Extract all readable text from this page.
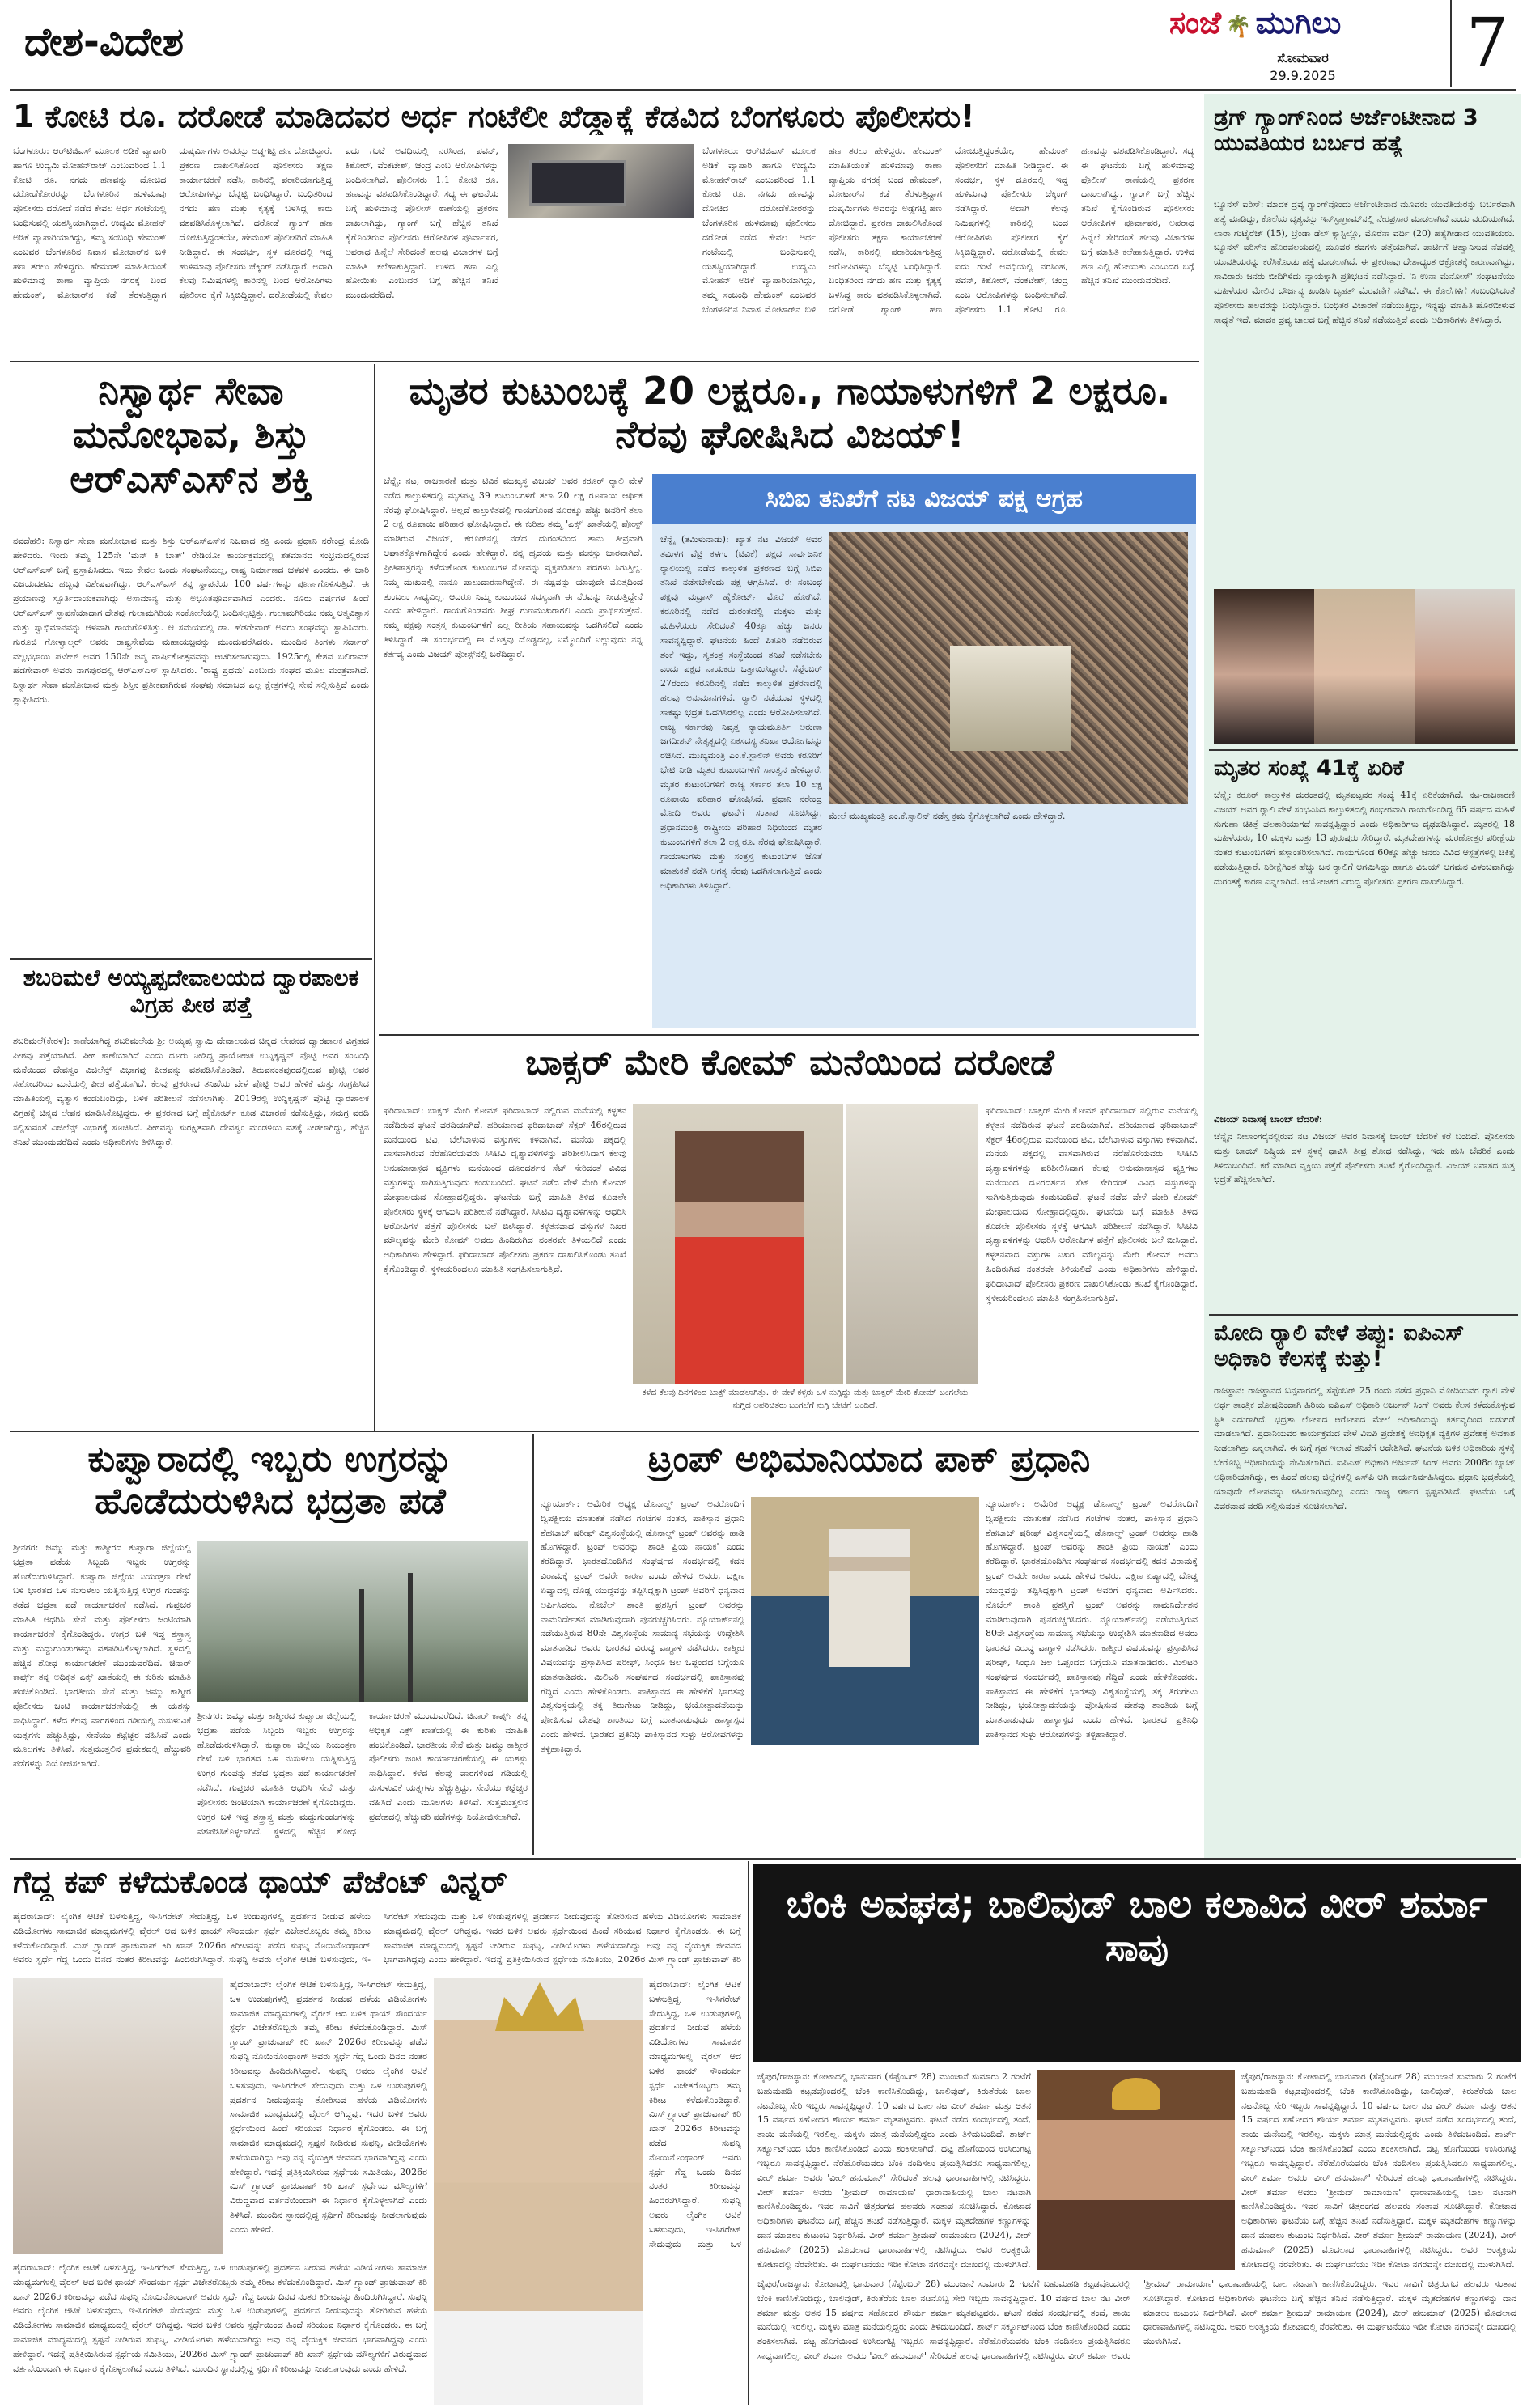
ದೇಶ-ವಿದೇಶ	ಸಂಜೆ 🌴 ಮುಗಿಲು
ಸೋಮವಾರ
29.9.2025	7
1 ಕೋಟಿ ರೂ. ದರೋಡೆ ಮಾಡಿದವರ ಅರ್ಧ ಗಂಟೆಲೀ ಖೆಡ್ಡಾಕ್ಕೆ ಕೆಡವಿದ ಬೆಂಗಳೂರು ಪೊಲೀಸರು!
ಬೆಂಗಳೂರು: ಆರ್‌ಟಿಜಿಎಸ್ ಮೂಲಕ ಅಡಿಕೆ ವ್ಯಾಪಾರಿ ಹಾಗೂ ಉದ್ಯಮಿ ಮೋಹನ್‌ರಾಜ್ ಎಂಬುವರಿಂದ 1.1 ಕೋಟಿ ರೂ. ನಗದು ಹಣವನ್ನು ದೋಚಿದ ದರೋಡೆಕೋರರನ್ನು ಬೆಂಗಳೂರಿನ ಹುಳಿಮಾವು ಪೊಲೀಸರು ದರೋಡೆ ನಡೆದ ಕೇವಲ ಅರ್ಧ ಗಂಟೆಯಲ್ಲಿ ಬಂಧಿಸುವಲ್ಲಿ ಯಶಸ್ವಿಯಾಗಿದ್ದಾರೆ. ಉದ್ಯಮಿ ಮೋಹನ್ ಅಡಿಕೆ ವ್ಯಾಪಾರಿಯಾಗಿದ್ದು, ತಮ್ಮ ಸಂಬಂಧಿ ಹೇಮಂತ್ ಎಂಬವರ ಬೆಂಗಳೂರಿನ ನಿವಾಸ ಮೋಟಾರ್‌ನ ಬಳಿ ಹಣ ತರಲು ಹೇಳಿದ್ದರು. ಹೇಮಂತ್ ಮಾಹಿತಿಯಂತೆ ಹುಳಿಮಾವು ಠಾಣಾ ವ್ಯಾಪ್ತಿಯ ನಗರಕ್ಕೆ ಬಂದ ಹೇಮಂತ್, ಮೋಟಾರ್‌ನ ಕಡೆ ತೆರಳುತ್ತಿದ್ದಾಗ ದುಷ್ಕರ್ಮಿಗಳು ಅವರನ್ನು ಅಡ್ಡಗಟ್ಟಿ ಹಣ ದೋಚಿದ್ದಾರೆ. ಪ್ರಕರಣ ದಾಖಲಿಸಿಕೊಂಡ ಪೊಲೀಸರು ತಕ್ಷಣ ಕಾರ್ಯಾಚರಣೆ ನಡೆಸಿ, ಕಾರಿನಲ್ಲಿ ಪರಾರಿಯಾಗುತ್ತಿದ್ದ ಆರೋಪಿಗಳನ್ನು ಬೆನ್ನಟ್ಟಿ ಬಂಧಿಸಿದ್ದಾರೆ. ಬಂಧಿತರಿಂದ ನಗದು ಹಣ ಮತ್ತು ಕೃತ್ಯಕ್ಕೆ ಬಳಸಿದ್ದ ಕಾರು ವಶಪಡಿಸಿಕೊಳ್ಳಲಾಗಿದೆ. ದರೋಡೆ ಗ್ಯಾಂಗ್ ಹಣ ದೋಚುತ್ತಿದ್ದಂತೆಯೇ, ಹೇಮಂತ್ ಪೊಲೀಸರಿಗೆ ಮಾಹಿತಿ ನೀಡಿದ್ದಾರೆ. ಈ ಸಂದರ್ಭ, ಸ್ಥಳ ದೂರದಲ್ಲಿ ಇದ್ದ ಹುಳಿಮಾವು ಪೊಲೀಸರು ಚೆಕ್ಕಿಂಗ್ ನಡೆಸಿದ್ದಾರೆ. ಅದಾಗಿ ಕೆಲವು ನಿಮಿಷಗಳಲ್ಲಿ ಕಾರಿನಲ್ಲಿ ಬಂದ ಆರೋಪಿಗಳು ಪೊಲೀಸರ ಕೈಗೆ ಸಿಕ್ಕಿಬಿದ್ದಿದ್ದಾರೆ. ದರೋಡೆಯಲ್ಲಿ ಕೇವಲ ಐದು ಗಂಟೆ ಅವಧಿಯಲ್ಲಿ ನರಸಿಂಹ, ಪವನ್, ಕಿಶೋರ್, ವೆಂಕಟೇಶ್, ಚಂದ್ರ ಎಂಬ ಆರೋಪಿಗಳನ್ನು ಬಂಧಿಸಲಾಗಿದೆ. ಪೊಲೀಸರು 1.1 ಕೋಟಿ ರೂ. ಹಣವನ್ನು ವಶಪಡಿಸಿಕೊಂಡಿದ್ದಾರೆ. ಸದ್ಯ ಈ ಘಟನೆಯ ಬಗ್ಗೆ ಹುಳಿಮಾವು ಪೊಲೀಸ್ ಠಾಣೆಯಲ್ಲಿ ಪ್ರಕರಣ ದಾಖಲಾಗಿದ್ದು, ಗ್ಯಾಂಗ್ ಬಗ್ಗೆ ಹೆಚ್ಚಿನ ತನಿಖೆ ಕೈಗೊಂಡಿರುವ ಪೊಲೀಸರು ಆರೋಪಿಗಳ ಪೂರ್ವಾಪರ, ಅಪರಾಧ ಹಿನ್ನೆಲೆ ಸೇರಿದಂತೆ ಹಲವು ವಿಚಾರಗಳ ಬಗ್ಗೆ ಮಾಹಿತಿ ಕಲೆಹಾಕುತ್ತಿದ್ದಾರೆ. ಉಳಿದ ಹಣ ಎಲ್ಲಿ ಹೋಯಿತು ಎಂಬುದರ ಬಗ್ಗೆ ಹೆಚ್ಚಿನ ತನಿಖೆ ಮುಂದುವರೆದಿದೆ.
ಬೆಂಗಳೂರು: ಆರ್‌ಟಿಜಿಎಸ್ ಮೂಲಕ ಅಡಿಕೆ ವ್ಯಾಪಾರಿ ಹಾಗೂ ಉದ್ಯಮಿ ಮೋಹನ್‌ರಾಜ್ ಎಂಬುವರಿಂದ 1.1 ಕೋಟಿ ರೂ. ನಗದು ಹಣವನ್ನು ದೋಚಿದ ದರೋಡೆಕೋರರನ್ನು ಬೆಂಗಳೂರಿನ ಹುಳಿಮಾವು ಪೊಲೀಸರು ದರೋಡೆ ನಡೆದ ಕೇವಲ ಅರ್ಧ ಗಂಟೆಯಲ್ಲಿ ಬಂಧಿಸುವಲ್ಲಿ ಯಶಸ್ವಿಯಾಗಿದ್ದಾರೆ. ಉದ್ಯಮಿ ಮೋಹನ್ ಅಡಿಕೆ ವ್ಯಾಪಾರಿಯಾಗಿದ್ದು, ತಮ್ಮ ಸಂಬಂಧಿ ಹೇಮಂತ್ ಎಂಬವರ ಬೆಂಗಳೂರಿನ ನಿವಾಸ ಮೋಟಾರ್‌ನ ಬಳಿ ಹಣ ತರಲು ಹೇಳಿದ್ದರು. ಹೇಮಂತ್ ಮಾಹಿತಿಯಂತೆ ಹುಳಿಮಾವು ಠಾಣಾ ವ್ಯಾಪ್ತಿಯ ನಗರಕ್ಕೆ ಬಂದ ಹೇಮಂತ್, ಮೋಟಾರ್‌ನ ಕಡೆ ತೆರಳುತ್ತಿದ್ದಾಗ ದುಷ್ಕರ್ಮಿಗಳು ಅವರನ್ನು ಅಡ್ಡಗಟ್ಟಿ ಹಣ ದೋಚಿದ್ದಾರೆ. ಪ್ರಕರಣ ದಾಖಲಿಸಿಕೊಂಡ ಪೊಲೀಸರು ತಕ್ಷಣ ಕಾರ್ಯಾಚರಣೆ ನಡೆಸಿ, ಕಾರಿನಲ್ಲಿ ಪರಾರಿಯಾಗುತ್ತಿದ್ದ ಆರೋಪಿಗಳನ್ನು ಬೆನ್ನಟ್ಟಿ ಬಂಧಿಸಿದ್ದಾರೆ. ಬಂಧಿತರಿಂದ ನಗದು ಹಣ ಮತ್ತು ಕೃತ್ಯಕ್ಕೆ ಬಳಸಿದ್ದ ಕಾರು ವಶಪಡಿಸಿಕೊಳ್ಳಲಾಗಿದೆ. ದರೋಡೆ ಗ್ಯಾಂಗ್ ಹಣ ದೋಚುತ್ತಿದ್ದಂತೆಯೇ, ಹೇಮಂತ್ ಪೊಲೀಸರಿಗೆ ಮಾಹಿತಿ ನೀಡಿದ್ದಾರೆ. ಈ ಸಂದರ್ಭ, ಸ್ಥಳ ದೂರದಲ್ಲಿ ಇದ್ದ ಹುಳಿಮಾವು ಪೊಲೀಸರು ಚೆಕ್ಕಿಂಗ್ ನಡೆಸಿದ್ದಾರೆ. ಅದಾಗಿ ಕೆಲವು ನಿಮಿಷಗಳಲ್ಲಿ ಕಾರಿನಲ್ಲಿ ಬಂದ ಆರೋಪಿಗಳು ಪೊಲೀಸರ ಕೈಗೆ ಸಿಕ್ಕಿಬಿದ್ದಿದ್ದಾರೆ. ದರೋಡೆಯಲ್ಲಿ ಕೇವಲ ಐದು ಗಂಟೆ ಅವಧಿಯಲ್ಲಿ ನರಸಿಂಹ, ಪವನ್, ಕಿಶೋರ್, ವೆಂಕಟೇಶ್, ಚಂದ್ರ ಎಂಬ ಆರೋಪಿಗಳನ್ನು ಬಂಧಿಸಲಾಗಿದೆ. ಪೊಲೀಸರು 1.1 ಕೋಟಿ ರೂ. ಹಣವನ್ನು ವಶಪಡಿಸಿಕೊಂಡಿದ್ದಾರೆ. ಸದ್ಯ ಈ ಘಟನೆಯ ಬಗ್ಗೆ ಹುಳಿಮಾವು ಪೊಲೀಸ್ ಠಾಣೆಯಲ್ಲಿ ಪ್ರಕರಣ ದಾಖಲಾಗಿದ್ದು, ಗ್ಯಾಂಗ್ ಬಗ್ಗೆ ಹೆಚ್ಚಿನ ತನಿಖೆ ಕೈಗೊಂಡಿರುವ ಪೊಲೀಸರು ಆರೋಪಿಗಳ ಪೂರ್ವಾಪರ, ಅಪರಾಧ ಹಿನ್ನೆಲೆ ಸೇರಿದಂತೆ ಹಲವು ವಿಚಾರಗಳ ಬಗ್ಗೆ ಮಾಹಿತಿ ಕಲೆಹಾಕುತ್ತಿದ್ದಾರೆ. ಉಳಿದ ಹಣ ಎಲ್ಲಿ ಹೋಯಿತು ಎಂಬುದರ ಬಗ್ಗೆ ಹೆಚ್ಚಿನ ತನಿಖೆ ಮುಂದುವರೆದಿದೆ.
ಡ್ರಗ್ ಗ್ಯಾಂಗ್‌ನಿಂದ ಅರ್ಜೆಂಟೀನಾದ 3 ಯುವತಿಯರ ಬರ್ಬರ ಹತ್ಯೆ
ಬ್ಯೂನಸ್ ಐರಿಸ್: ಮಾದಕ ದ್ರವ್ಯ ಗ್ಯಾಂಗ್‌ವೊಂದು ಅರ್ಜೆಂಟೀನಾದ ಮೂವರು ಯುವತಿಯರನ್ನು ಬರ್ಬರವಾಗಿ ಹತ್ಯೆ ಮಾಡಿದ್ದು, ಕೊಲೆಯ ದೃಶ್ಯವನ್ನು ಇನ್‌ಸ್ಟಾಗ್ರಾಮ್‌ನಲ್ಲಿ ನೇರಪ್ರಸಾರ ಮಾಡಲಾಗಿದೆ ಎಂದು ವರದಿಯಾಗಿದೆ. ಲಾರಾ ಗುಟೈರೆಜ್ (15), ಬ್ರೆಂಡಾ ಡೆಲ್ ಕ್ಯಾಸ್ಟಿಲ್ಲೊ, ಮೊರೆನಾ ವರ್ದಿ (20) ಹತ್ಯೆಗೀಡಾದ ಯುವತಿಯರು. ಬ್ಯೂನಸ್ ಐರಿಸ್‌ನ ಹೊರವಲಯದಲ್ಲಿ ಮೂವರ ಶವಗಳು ಪತ್ತೆಯಾಗಿವೆ. ಪಾರ್ಟಿಗೆ ಆಹ್ವಾನಿಸುವ ನೆಪದಲ್ಲಿ ಯುವತಿಯರನ್ನು ಕರೆಸಿಕೊಂಡು ಹತ್ಯೆ ಮಾಡಲಾಗಿದೆ. ಈ ಪ್ರಕರಣವು ದೇಶಾದ್ಯಂತ ಆಕ್ರೋಶಕ್ಕೆ ಕಾರಣವಾಗಿದ್ದು, ಸಾವಿರಾರು ಜನರು ಬೀದಿಗಿಳಿದು ನ್ಯಾಯಕ್ಕಾಗಿ ಪ್ರತಿಭಟನೆ ನಡೆಸಿದ್ದಾರೆ. 'ನಿ ಉನಾ ಮೆನೋಸ್' ಸಂಘಟನೆಯು ಮಹಿಳೆಯರ ಮೇಲಿನ ದೌರ್ಜನ್ಯ ಖಂಡಿಸಿ ಬೃಹತ್ ಮೆರವಣಿಗೆ ನಡೆಸಿದೆ. ಈ ಕೊಲೆಗಳಿಗೆ ಸಂಬಂಧಿಸಿದಂತೆ ಪೊಲೀಸರು ಹಲವರನ್ನು ಬಂಧಿಸಿದ್ದಾರೆ. ಬಂಧಿತರ ವಿಚಾರಣೆ ನಡೆಯುತ್ತಿದ್ದು, ಇನ್ನಷ್ಟು ಮಾಹಿತಿ ಹೊರಬೀಳುವ ಸಾಧ್ಯತೆ ಇದೆ. ಮಾದಕ ದ್ರವ್ಯ ಜಾಲದ ಬಗ್ಗೆ ಹೆಚ್ಚಿನ ತನಿಖೆ ನಡೆಯುತ್ತಿದೆ ಎಂದು ಅಧಿಕಾರಿಗಳು ತಿಳಿಸಿದ್ದಾರೆ.
ಮೃತರ ಸಂಖ್ಯೆ 41ಕ್ಕೆ ಏರಿಕೆ
ಚೆನ್ನೈ: ಕರೂರ್ ಕಾಲ್ತುಳಿತ ದುರಂತದಲ್ಲಿ ಮೃತಪಟ್ಟವರ ಸಂಖ್ಯೆ 41ಕ್ಕೆ ಏರಿಕೆಯಾಗಿದೆ. ನಟ-ರಾಜಕಾರಣಿ ವಿಜಯ್ ಅವರ ರ‍್ಯಾಲಿ ವೇಳೆ ಸಂಭವಿಸಿದ ಕಾಲ್ತುಳಿತದಲ್ಲಿ ಗಂಭೀರವಾಗಿ ಗಾಯಗೊಂಡಿದ್ದ 65 ವರ್ಷದ ಮಹಿಳೆ ಸುಗುಣಾ ಚಿಕಿತ್ಸೆ ಫಲಕಾರಿಯಾಗದೆ ಸಾವನ್ನಪ್ಪಿದ್ದಾರೆ ಎಂದು ಅಧಿಕಾರಿಗಳು ದೃಢಪಡಿಸಿದ್ದಾರೆ. ಮೃತರಲ್ಲಿ 18 ಮಹಿಳೆಯರು, 10 ಮಕ್ಕಳು ಮತ್ತು 13 ಪುರುಷರು ಸೇರಿದ್ದಾರೆ. ಮೃತದೇಹಗಳನ್ನು ಮರಣೋತ್ತರ ಪರೀಕ್ಷೆಯ ನಂತರ ಕುಟುಂಬಗಳಿಗೆ ಹಸ್ತಾಂತರಿಸಲಾಗಿದೆ. ಗಾಯಗೊಂಡ 60ಕ್ಕೂ ಹೆಚ್ಚು ಜನರು ವಿವಿಧ ಆಸ್ಪತ್ರೆಗಳಲ್ಲಿ ಚಿಕಿತ್ಸೆ ಪಡೆಯುತ್ತಿದ್ದಾರೆ. ನಿರೀಕ್ಷೆಗಿಂತ ಹೆಚ್ಚು ಜನ ರ‍್ಯಾಲಿಗೆ ಆಗಮಿಸಿದ್ದು ಹಾಗೂ ವಿಜಯ್ ಆಗಮನ ವಿಳಂಬವಾಗಿದ್ದು ದುರಂತಕ್ಕೆ ಕಾರಣ ಎನ್ನಲಾಗಿದೆ. ಆಯೋಜಕರ ವಿರುದ್ಧ ಪೊಲೀಸರು ಪ್ರಕರಣ ದಾಖಲಿಸಿದ್ದಾರೆ.
ವಿಜಯ್ ನಿವಾಸಕ್ಕೆ ಬಾಂಬ್ ಬೆದರಿಕೆ:
ಚೆನ್ನೈನ ನೀಲಾಂಗರೈನಲ್ಲಿರುವ ನಟ ವಿಜಯ್ ಅವರ ನಿವಾಸಕ್ಕೆ ಬಾಂಬ್ ಬೆದರಿಕೆ ಕರೆ ಬಂದಿದೆ. ಪೊಲೀಸರು ಮತ್ತು ಬಾಂಬ್ ನಿಷ್ಕ್ರಿಯ ದಳ ಸ್ಥಳಕ್ಕೆ ಧಾವಿಸಿ ತೀವ್ರ ಶೋಧ ನಡೆಸಿದ್ದು, ಇದು ಹುಸಿ ಬೆದರಿಕೆ ಎಂದು ತಿಳಿದುಬಂದಿದೆ. ಕರೆ ಮಾಡಿದ ವ್ಯಕ್ತಿಯ ಪತ್ತೆಗೆ ಪೊಲೀಸರು ತನಿಖೆ ಕೈಗೊಂಡಿದ್ದಾರೆ. ವಿಜಯ್ ನಿವಾಸದ ಸುತ್ತ ಭದ್ರತೆ ಹೆಚ್ಚಿಸಲಾಗಿದೆ.
ಮೋದಿ ರ‍್ಯಾಲಿ ವೇಳೆ ತಪ್ಪು: ಐಪಿಎಸ್ ಅಧಿಕಾರಿ ಕೆಲಸಕ್ಕೆ ಕುತ್ತು!
ರಾಜಸ್ಥಾನ: ರಾಜಸ್ಥಾನದ ಬನ್ಸವಾರದಲ್ಲಿ ಸೆಪ್ಟೆಂಬರ್ 25 ರಂದು ನಡೆದ ಪ್ರಧಾನಿ ಮೋದಿಯವರ ರ‍್ಯಾಲಿ ವೇಳೆ ಅರ್ಧ ತಾಂತ್ರಿಕ ದೋಷದಿಂದಾಗಿ ಹಿರಿಯ ಐಪಿಎಸ್ ಅಧಿಕಾರಿ ಅರ್ಜುನ್ ಸಿಂಗ್ ಅವರು ಕೆಲಸ ಕಳೆದುಕೊಳ್ಳುವ ಸ್ಥಿತಿ ಎದುರಾಗಿದೆ. ಭದ್ರತಾ ಲೋಪದ ಆರೋಪದ ಮೇಲೆ ಅಧಿಕಾರಿಯನ್ನು ಕರ್ತವ್ಯದಿಂದ ಬಿಡುಗಡೆ ಮಾಡಲಾಗಿದೆ. ಪ್ರಧಾನಿಯವರ ಕಾರ್ಯಕ್ರಮದ ವೇಳೆ ವಿಐಪಿ ಪ್ರದೇಶಕ್ಕೆ ಅನಧಿಕೃತ ವ್ಯಕ್ತಿಗಳ ಪ್ರವೇಶಕ್ಕೆ ಅವಕಾಶ ನೀಡಲಾಗಿತ್ತು ಎನ್ನಲಾಗಿದೆ. ಈ ಬಗ್ಗೆ ಗೃಹ ಇಲಾಖೆ ತನಿಖೆಗೆ ಆದೇಶಿಸಿದೆ. ಘಟನೆಯ ಬಳಿಕ ಅಧಿಕಾರಿಯ ಸ್ಥಳಕ್ಕೆ ಬೇರೊಬ್ಬ ಅಧಿಕಾರಿಯನ್ನು ನೇಮಿಸಲಾಗಿದೆ. ಐಪಿಎಸ್ ಅಧಿಕಾರಿ ಅರ್ಜುನ್ ಸಿಂಗ್ ಅವರು 2008ರ ಬ್ಯಾಚ್ ಅಧಿಕಾರಿಯಾಗಿದ್ದು, ಈ ಹಿಂದೆ ಹಲವು ಜಿಲ್ಲೆಗಳಲ್ಲಿ ಎಸ್‌ಪಿ ಆಗಿ ಕಾರ್ಯನಿರ್ವಹಿಸಿದ್ದರು. ಪ್ರಧಾನಿ ಭದ್ರತೆಯಲ್ಲಿ ಯಾವುದೇ ಲೋಪವನ್ನು ಸಹಿಸಲಾಗುವುದಿಲ್ಲ ಎಂದು ರಾಜ್ಯ ಸರ್ಕಾರ ಸ್ಪಷ್ಟಪಡಿಸಿದೆ. ಘಟನೆಯ ಬಗ್ಗೆ ವಿವರವಾದ ವರದಿ ಸಲ್ಲಿಸುವಂತೆ ಸೂಚಿಸಲಾಗಿದೆ.
ನಿಸ್ವಾರ್ಥ ಸೇವಾ ಮನೋಭಾವ, ಶಿಸ್ತು ಆರ್‌ಎಸ್‌ಎಸ್‌ನ ಶಕ್ತಿ
ನವದೆಹಲಿ: ನಿಸ್ವಾರ್ಥ ಸೇವಾ ಮನೋಭಾವ ಮತ್ತು ಶಿಸ್ತು ಆರ್‌ಎಸ್‌ಎಸ್‌ನ ನಿಜವಾದ ಶಕ್ತಿ ಎಂದು ಪ್ರಧಾನಿ ನರೇಂದ್ರ ಮೋದಿ ಹೇಳಿದರು. ಇಂದು ತಮ್ಮ 125ನೇ 'ಮನ್ ಕಿ ಬಾತ್' ರೇಡಿಯೋ ಕಾರ್ಯಕ್ರಮದಲ್ಲಿ ಶತಮಾನದ ಸಂಭ್ರಮದಲ್ಲಿರುವ ಆರ್‌ಎಸ್‌ಎಸ್ ಬಗ್ಗೆ ಪ್ರಸ್ತಾಪಿಸಿದರು. ಇದು ಕೇವಲ ಒಂದು ಸಂಘಟನೆಯಲ್ಲ, ರಾಷ್ಟ್ರ ನಿರ್ಮಾಣದ ಚಳವಳಿ ಎಂದರು. ಈ ಬಾರಿ ವಿಜಯದಶಮಿ ಹಬ್ಬವು ವಿಶೇಷವಾಗಿದ್ದು, ಆರ್‌ಎಸ್‌ಎಸ್ ತನ್ನ ಸ್ಥಾಪನೆಯ 100 ವರ್ಷಗಳನ್ನು ಪೂರ್ಣಗೊಳಿಸುತ್ತಿದೆ. ಈ ಪ್ರಯಾಣವು ಸ್ಪೂರ್ತಿದಾಯಕವಾಗಿದ್ದು ಅಸಾಮಾನ್ಯ ಮತ್ತು ಅಭೂತಪೂರ್ವವಾಗಿದೆ ಎಂದರು. ನೂರು ವರ್ಷಗಳ ಹಿಂದೆ ಆರ್‌ಎಸ್‌ಎಸ್ ಸ್ಥಾಪನೆಯಾದಾಗ ದೇಶವು ಗುಲಾಮಗಿರಿಯ ಸಂಕೋಲೆಯಲ್ಲಿ ಬಂಧಿಸಲ್ಪಟ್ಟಿತ್ತು. ಗುಲಾಮಗಿರಿಯು ನಮ್ಮ ಆತ್ಮವಿಶ್ವಾಸ ಮತ್ತು ಸ್ವಾಭಿಮಾನವನ್ನು ಆಳವಾಗಿ ಗಾಯಗೊಳಿಸಿತ್ತು. ಆ ಸಮಯದಲ್ಲಿ ಡಾ. ಹೆಡಗೇವಾರ್ ಅವರು ಸಂಘವನ್ನು ಸ್ಥಾಪಿಸಿದರು. ಗುರೂಜಿ ಗೋಳ್ವಾಲ್ಕರ್ ಅವರು ರಾಷ್ಟ್ರಸೇವೆಯ ಮಹಾಯಜ್ಞವನ್ನು ಮುಂದುವರೆಸಿದರು. ಮುಂದಿನ ತಿಂಗಳು ಸರ್ದಾರ್ ವಲ್ಲಭಭಾಯಿ ಪಟೇಲ್ ಅವರ 150ನೇ ಜನ್ಮ ವಾರ್ಷಿಕೋತ್ಸವವನ್ನು ಆಚರಿಸಲಾಗುವುದು. 1925ರಲ್ಲಿ ಕೇಶವ ಬಲಿರಾಮ್ ಹೆಡಗೇವಾರ್ ಅವರು ನಾಗಪುರದಲ್ಲಿ ಆರ್‌ಎಸ್‌ಎಸ್ ಸ್ಥಾಪಿಸಿದರು. 'ರಾಷ್ಟ್ರ ಪ್ರಥಮ' ಎಂಬುದು ಸಂಘದ ಮೂಲ ಮಂತ್ರವಾಗಿದೆ. ನಿಸ್ವಾರ್ಥ ಸೇವಾ ಮನೋಭಾವ ಮತ್ತು ಶಿಸ್ತಿನ ಪ್ರತೀಕವಾಗಿರುವ ಸಂಘವು ಸಮಾಜದ ಎಲ್ಲ ಕ್ಷೇತ್ರಗಳಲ್ಲಿ ಸೇವೆ ಸಲ್ಲಿಸುತ್ತಿದೆ ಎಂದು ಶ್ಲಾಘಿಸಿದರು.
ಶಬರಿಮಲೆ ಅಯ್ಯಪ್ಪದೇವಾಲಯದ ದ್ವಾರಪಾಲಕ ವಿಗ್ರಹ ಪೀಠ ಪತ್ತೆ
ಶಬರಿಮಲೆ(ಕೇರಳ): ಕಾಣೆಯಾಗಿದ್ದ ಶಬರಿಮಲೆಯ ಶ್ರೀ ಅಯ್ಯಪ್ಪ ಸ್ವಾಮಿ ದೇವಾಲಯದ ಚಿನ್ನದ ಲೇಪನದ ದ್ವಾರಪಾಲಕ ವಿಗ್ರಹದ ಪೀಠವು ಪತ್ತೆಯಾಗಿದೆ. ಪೀಠ ಕಾಣೆಯಾಗಿದೆ ಎಂದು ದೂರು ನೀಡಿದ್ದ ಪ್ರಾಯೋಜಕ ಉನ್ನಿಕೃಷ್ಣನ್ ಪೊಟ್ಟಿ ಅವರ ಸಂಬಂಧಿ ಮನೆಯಿಂದ ದೇವಸ್ವಂ ವಿಜಿಲೆನ್ಸ್ ವಿಭಾಗವು ಪೀಠವನ್ನು ವಶಪಡಿಸಿಕೊಂಡಿದೆ. ತಿರುವನಂತಪುರದಲ್ಲಿರುವ ಪೊಟ್ಟಿ ಅವರ ಸಹೋದರಿಯ ಮನೆಯಲ್ಲಿ ಪೀಠ ಪತ್ತೆಯಾಗಿದೆ. ಕೆಲವು ಪ್ರಕರಣದ ತನಿಖೆಯ ವೇಳೆ ಪೊಟ್ಟಿ ಅವರ ಹೇಳಿಕೆ ಮತ್ತು ಸಂಗ್ರಹಿಸಿದ ಮಾಹಿತಿಯಲ್ಲಿ ವ್ಯತ್ಯಾಸ ಕಂಡುಬಂದಿದ್ದು, ಬಳಿಕ ಪರಿಶೀಲನೆ ನಡೆಸಲಾಗಿತ್ತು. 2019ರಲ್ಲಿ ಉನ್ನಿಕೃಷ್ಣನ್ ಪೊಟ್ಟಿ ದ್ವಾರಪಾಲಕ ವಿಗ್ರಹಕ್ಕೆ ಚಿನ್ನದ ಲೇಪನ ಮಾಡಿಸಿಕೊಟ್ಟಿದ್ದರು. ಈ ಪ್ರಕರಣದ ಬಗ್ಗೆ ಹೈಕೋರ್ಟ್ ಕೂಡ ವಿಚಾರಣೆ ನಡೆಸುತ್ತಿದ್ದು, ಸಮಗ್ರ ವರದಿ ಸಲ್ಲಿಸುವಂತೆ ವಿಜಿಲೆನ್ಸ್ ವಿಭಾಗಕ್ಕೆ ಸೂಚಿಸಿದೆ. ಪೀಠವನ್ನು ಸುರಕ್ಷಿತವಾಗಿ ದೇವಸ್ವಂ ಮಂಡಳಿಯ ವಶಕ್ಕೆ ನೀಡಲಾಗಿದ್ದು, ಹೆಚ್ಚಿನ ತನಿಖೆ ಮುಂದುವರೆದಿದೆ ಎಂದು ಅಧಿಕಾರಿಗಳು ತಿಳಿಸಿದ್ದಾರೆ.
ಮೃತರ ಕುಟುಂಬಕ್ಕೆ 20 ಲಕ್ಷರೂ., ಗಾಯಾಳುಗಳಿಗೆ 2 ಲಕ್ಷರೂ. ನೆರವು ಘೋಷಿಸಿದ ವಿಜಯ್!
ಚೆನ್ನೈ: ನಟ, ರಾಜಕಾರಣಿ ಮತ್ತು ಟಿವಿಕೆ ಮುಖ್ಯಸ್ಥ ವಿಜಯ್ ಅವರ ಕರೂರ್ ರ‍್ಯಾಲಿ ವೇಳೆ ನಡೆದ ಕಾಲ್ತುಳಿತದಲ್ಲಿ ಮೃತಪಟ್ಟ 39 ಕುಟುಂಬಗಳಿಗೆ ತಲಾ 20 ಲಕ್ಷ ರೂಪಾಯಿ ಆರ್ಥಿಕ ನೆರವು ಘೋಷಿಸಿದ್ದಾರೆ. ಅಲ್ಲದೆ ಕಾಲ್ತುಳಿತದಲ್ಲಿ ಗಾಯಗೊಂಡ ನೂರಕ್ಕೂ ಹೆಚ್ಚು ಜನರಿಗೆ ತಲಾ 2 ಲಕ್ಷ ರೂಪಾಯಿ ಪರಿಹಾರ ಘೋಷಿಸಿದ್ದಾರೆ. ಈ ಕುರಿತು ತಮ್ಮ 'ಎಕ್ಸ್' ಖಾತೆಯಲ್ಲಿ ಪೋಸ್ಟ್ ಮಾಡಿರುವ ವಿಜಯ್, ಕರೂರ್‌ನಲ್ಲಿ ನಡೆದ ದುರಂತದಿಂದ ತಾನು ತೀವ್ರವಾಗಿ ಆಘಾತಕ್ಕೊಳಗಾಗಿದ್ದೇನೆ ಎಂದು ಹೇಳಿದ್ದಾರೆ. ನನ್ನ ಹೃದಯ ಮತ್ತು ಮನಸ್ಸು ಭಾರವಾಗಿದೆ. ಪ್ರೀತಿಪಾತ್ರರನ್ನು ಕಳೆದುಕೊಂಡ ಕುಟುಂಬಗಳ ನೋವನ್ನು ವ್ಯಕ್ತಪಡಿಸಲು ಪದಗಳು ಸಿಗುತ್ತಿಲ್ಲ. ನಿಮ್ಮ ದುಃಖದಲ್ಲಿ ನಾನೂ ಪಾಲುದಾರನಾಗಿದ್ದೇನೆ. ಈ ನಷ್ಟವನ್ನು ಯಾವುದೇ ಮೊತ್ತದಿಂದ ತುಂಬಲು ಸಾಧ್ಯವಿಲ್ಲ, ಆದರೂ ನಿಮ್ಮ ಕುಟುಂಬದ ಸದಸ್ಯನಾಗಿ ಈ ನೆರವನ್ನು ನೀಡುತ್ತಿದ್ದೇನೆ ಎಂದು ಹೇಳಿದ್ದಾರೆ. ಗಾಯಗೊಂಡವರು ಶೀಘ್ರ ಗುಣಮುಖರಾಗಲಿ ಎಂದು ಪ್ರಾರ್ಥಿಸುತ್ತೇನೆ. ನಮ್ಮ ಪಕ್ಷವು ಸಂತ್ರಸ್ತ ಕುಟುಂಬಗಳಿಗೆ ಎಲ್ಲ ರೀತಿಯ ಸಹಾಯವನ್ನು ಒದಗಿಸಲಿದೆ ಎಂದು ತಿಳಿಸಿದ್ದಾರೆ. ಈ ಸಂದರ್ಭದಲ್ಲಿ ಈ ಮೊತ್ತವು ದೊಡ್ಡದಲ್ಲ, ನಿಮ್ಮೊಂದಿಗೆ ನಿಲ್ಲುವುದು ನನ್ನ ಕರ್ತವ್ಯ ಎಂದು ವಿಜಯ್ ಪೋಸ್ಟ್‌ನಲ್ಲಿ ಬರೆದಿದ್ದಾರೆ.
ಸಿಬಿಐ ತನಿಖೆಗೆ ನಟ ವಿಜಯ್ ಪಕ್ಷ ಆಗ್ರಹ
ಚೆನ್ನೈ (ತಮಿಳುನಾಡು): ಖ್ಯಾತ ನಟ ವಿಜಯ್ ಅವರ ತಮಿಳಗ ವೆಟ್ರಿ ಕಳಗಂ (ಟಿವಿಕೆ) ಪಕ್ಷದ ಸಾರ್ವಜನಿಕ ರ‍್ಯಾಲಿಯಲ್ಲಿ ನಡೆದ ಕಾಲ್ತುಳಿತ ಪ್ರಕರಣದ ಬಗ್ಗೆ ಸಿಬಿಐ ತನಿಖೆ ನಡೆಸಬೇಕೆಂದು ಪಕ್ಷ ಆಗ್ರಹಿಸಿದೆ. ಈ ಸಂಬಂಧ ಪಕ್ಷವು ಮದ್ರಾಸ್ ಹೈಕೋರ್ಟ್ ಮೊರೆ ಹೋಗಿದೆ. ಕರೂರಿನಲ್ಲಿ ನಡೆದ ದುರಂತದಲ್ಲಿ ಮಕ್ಕಳು ಮತ್ತು ಮಹಿಳೆಯರು ಸೇರಿದಂತೆ 40ಕ್ಕೂ ಹೆಚ್ಚು ಜನರು ಸಾವನ್ನಪ್ಪಿದ್ದಾರೆ. ಘಟನೆಯ ಹಿಂದೆ ಪಿತೂರಿ ನಡೆದಿರುವ ಶಂಕೆ ಇದ್ದು, ಸ್ವತಂತ್ರ ಸಂಸ್ಥೆಯಿಂದ ತನಿಖೆ ನಡೆಸಬೇಕು ಎಂದು ಪಕ್ಷದ ನಾಯಕರು ಒತ್ತಾಯಿಸಿದ್ದಾರೆ. ಸೆಪ್ಟೆಂಬರ್ 27ರಂದು ಕರೂರಿನಲ್ಲಿ ನಡೆದ ಕಾಲ್ತುಳಿತ ಪ್ರಕರಣದಲ್ಲಿ ಹಲವು ಅನುಮಾನಗಳಿವೆ. ರ‍್ಯಾಲಿ ನಡೆಯುವ ಸ್ಥಳದಲ್ಲಿ ಸಾಕಷ್ಟು ಭದ್ರತೆ ಒದಗಿಸಿರಲಿಲ್ಲ ಎಂದು ಆರೋಪಿಸಲಾಗಿದೆ. ರಾಜ್ಯ ಸರ್ಕಾರವು ನಿವೃತ್ತ ನ್ಯಾಯಮೂರ್ತಿ ಅರುಣಾ ಜಗದೀಶನ್ ನೇತೃತ್ವದಲ್ಲಿ ಏಕಸದಸ್ಯ ತನಿಖಾ ಆಯೋಗವನ್ನು ರಚಿಸಿದೆ. ಮುಖ್ಯಮಂತ್ರಿ ಎಂ.ಕೆ.ಸ್ಟಾಲಿನ್ ಅವರು ಕರೂರಿಗೆ ಭೇಟಿ ನೀಡಿ ಮೃತರ ಕುಟುಂಬಗಳಿಗೆ ಸಾಂತ್ವನ ಹೇಳಿದ್ದಾರೆ. ಮೃತರ ಕುಟುಂಬಗಳಿಗೆ ರಾಜ್ಯ ಸರ್ಕಾರ ತಲಾ 10 ಲಕ್ಷ ರೂಪಾಯಿ ಪರಿಹಾರ ಘೋಷಿಸಿದೆ. ಪ್ರಧಾನಿ ನರೇಂದ್ರ ಮೋದಿ ಅವರು ಘಟನೆಗೆ ಸಂತಾಪ ಸೂಚಿಸಿದ್ದು, ಪ್ರಧಾನಮಂತ್ರಿ ರಾಷ್ಟ್ರೀಯ ಪರಿಹಾರ ನಿಧಿಯಿಂದ ಮೃತರ ಕುಟುಂಬಗಳಿಗೆ ತಲಾ 2 ಲಕ್ಷ ರೂ. ನೆರವು ಘೋಷಿಸಿದ್ದಾರೆ. ಗಾಯಾಳುಗಳು ಮತ್ತು ಸಂತ್ರಸ್ತ ಕುಟುಂಬಗಳ ಜೊತೆ ಮಾತುಕತೆ ನಡೆಸಿ ಅಗತ್ಯ ನೆರವು ಒದಗಿಸಲಾಗುತ್ತಿದೆ ಎಂದು ಅಧಿಕಾರಿಗಳು ತಿಳಿಸಿದ್ದಾರೆ.
ಮೇಲೆ ಮುಖ್ಯಮಂತ್ರಿ ಎಂ.ಕೆ.ಸ್ಟಾಲಿನ್ ನಡೆಸ್ತ ಕ್ರಮ ಕೈಗೊಳ್ಳಲಾಗಿದೆ ಎಂದು ಹೇಳಿದ್ದಾರೆ.
ಬಾಕ್ಸರ್ ಮೇರಿ ಕೋಮ್ ಮನೆಯಿಂದ ದರೋಡೆ
ಫರಿದಾಬಾದ್: ಬಾಕ್ಸರ್ ಮೇರಿ ಕೋಮ್ ಫರಿದಾಬಾದ್ ನಲ್ಲಿರುವ ಮನೆಯಲ್ಲಿ ಕಳ್ಳತನ ನಡೆದಿರುವ ಘಟನೆ ವರದಿಯಾಗಿದೆ. ಹರಿಯಾಣದ ಫರಿದಾಬಾದ್ ಸೆಕ್ಟರ್ 46ರಲ್ಲಿರುವ ಮನೆಯಿಂದ ಟಿವಿ, ಬೆಲೆಬಾಳುವ ವಸ್ತುಗಳು ಕಳವಾಗಿವೆ. ಮನೆಯ ಪಕ್ಕದಲ್ಲಿ ವಾಸವಾಗಿರುವ ನೆರೆಹೊರೆಯವರು ಸಿಸಿಟಿವಿ ದೃಶ್ಯಾವಳಿಗಳನ್ನು ಪರಿಶೀಲಿಸಿದಾಗ ಕೆಲವು ಅನುಮಾನಾಸ್ಪದ ವ್ಯಕ್ತಿಗಳು ಮನೆಯಿಂದ ದೂರದರ್ಶನ ಸೆಟ್ ಸೇರಿದಂತೆ ವಿವಿಧ ವಸ್ತುಗಳನ್ನು ಸಾಗಿಸುತ್ತಿರುವುದು ಕಂಡುಬಂದಿದೆ. ಘಟನೆ ನಡೆದ ವೇಳೆ ಮೇರಿ ಕೋಮ್ ಮೇಘಾಲಯದ ಸೋಹ್ರಾದಲ್ಲಿದ್ದರು. ಘಟನೆಯ ಬಗ್ಗೆ ಮಾಹಿತಿ ತಿಳಿದ ಕೂಡಲೇ ಪೊಲೀಸರು ಸ್ಥಳಕ್ಕೆ ಆಗಮಿಸಿ ಪರಿಶೀಲನೆ ನಡೆಸಿದ್ದಾರೆ. ಸಿಸಿಟಿವಿ ದೃಶ್ಯಾವಳಿಗಳನ್ನು ಆಧರಿಸಿ ಆರೋಪಿಗಳ ಪತ್ತೆಗೆ ಪೊಲೀಸರು ಬಲೆ ಬೀಸಿದ್ದಾರೆ. ಕಳ್ಳತನವಾದ ವಸ್ತುಗಳ ನಿಖರ ಮೌಲ್ಯವನ್ನು ಮೇರಿ ಕೋಮ್ ಅವರು ಹಿಂದಿರುಗಿದ ನಂತರವೇ ತಿಳಿಯಲಿದೆ ಎಂದು ಅಧಿಕಾರಿಗಳು ಹೇಳಿದ್ದಾರೆ. ಫರಿದಾಬಾದ್ ಪೊಲೀಸರು ಪ್ರಕರಣ ದಾಖಲಿಸಿಕೊಂಡು ತನಿಖೆ ಕೈಗೊಂಡಿದ್ದಾರೆ. ಸ್ಥಳೀಯರಿಂದಲೂ ಮಾಹಿತಿ ಸಂಗ್ರಹಿಸಲಾಗುತ್ತಿದೆ.
ಕಳೆದ ಕೆಲವು ದಿನಗಳಿಂದ ಬಾಕ್ಸ್ ಮಾಡಲಾಗಿತ್ತು. ಈ ವೇಳೆ ಕಳ್ಳರು ಒಳ ನುಗ್ಗಿದ್ದು ಮತ್ತು ಬಾಕ್ಸರ್ ಮೇರಿ ಕೋಮ್ ಬಂಗಲೆಯ ನುಗ್ಗಿದ ಅಪರಿಚಿತರು ಬಂಗಲೆಗೆ ನುಗ್ಗಿ ಬೇಟೆಗೆ ಬಂದಿದೆ.
ಫರಿದಾಬಾದ್: ಬಾಕ್ಸರ್ ಮೇರಿ ಕೋಮ್ ಫರಿದಾಬಾದ್ ನಲ್ಲಿರುವ ಮನೆಯಲ್ಲಿ ಕಳ್ಳತನ ನಡೆದಿರುವ ಘಟನೆ ವರದಿಯಾಗಿದೆ. ಹರಿಯಾಣದ ಫರಿದಾಬಾದ್ ಸೆಕ್ಟರ್ 46ರಲ್ಲಿರುವ ಮನೆಯಿಂದ ಟಿವಿ, ಬೆಲೆಬಾಳುವ ವಸ್ತುಗಳು ಕಳವಾಗಿವೆ. ಮನೆಯ ಪಕ್ಕದಲ್ಲಿ ವಾಸವಾಗಿರುವ ನೆರೆಹೊರೆಯವರು ಸಿಸಿಟಿವಿ ದೃಶ್ಯಾವಳಿಗಳನ್ನು ಪರಿಶೀಲಿಸಿದಾಗ ಕೆಲವು ಅನುಮಾನಾಸ್ಪದ ವ್ಯಕ್ತಿಗಳು ಮನೆಯಿಂದ ದೂರದರ್ಶನ ಸೆಟ್ ಸೇರಿದಂತೆ ವಿವಿಧ ವಸ್ತುಗಳನ್ನು ಸಾಗಿಸುತ್ತಿರುವುದು ಕಂಡುಬಂದಿದೆ. ಘಟನೆ ನಡೆದ ವೇಳೆ ಮೇರಿ ಕೋಮ್ ಮೇಘಾಲಯದ ಸೋಹ್ರಾದಲ್ಲಿದ್ದರು. ಘಟನೆಯ ಬಗ್ಗೆ ಮಾಹಿತಿ ತಿಳಿದ ಕೂಡಲೇ ಪೊಲೀಸರು ಸ್ಥಳಕ್ಕೆ ಆಗಮಿಸಿ ಪರಿಶೀಲನೆ ನಡೆಸಿದ್ದಾರೆ. ಸಿಸಿಟಿವಿ ದೃಶ್ಯಾವಳಿಗಳನ್ನು ಆಧರಿಸಿ ಆರೋಪಿಗಳ ಪತ್ತೆಗೆ ಪೊಲೀಸರು ಬಲೆ ಬೀಸಿದ್ದಾರೆ. ಕಳ್ಳತನವಾದ ವಸ್ತುಗಳ ನಿಖರ ಮೌಲ್ಯವನ್ನು ಮೇರಿ ಕೋಮ್ ಅವರು ಹಿಂದಿರುಗಿದ ನಂತರವೇ ತಿಳಿಯಲಿದೆ ಎಂದು ಅಧಿಕಾರಿಗಳು ಹೇಳಿದ್ದಾರೆ. ಫರಿದಾಬಾದ್ ಪೊಲೀಸರು ಪ್ರಕರಣ ದಾಖಲಿಸಿಕೊಂಡು ತನಿಖೆ ಕೈಗೊಂಡಿದ್ದಾರೆ. ಸ್ಥಳೀಯರಿಂದಲೂ ಮಾಹಿತಿ ಸಂಗ್ರಹಿಸಲಾಗುತ್ತಿದೆ.
ಕುಪ್ವಾರಾದಲ್ಲಿ ಇಬ್ಬರು ಉಗ್ರರನ್ನು ಹೊಡೆದುರುಳಿಸಿದ ಭದ್ರತಾ ಪಡೆ
ಶ್ರೀನಗರ: ಜಮ್ಮು ಮತ್ತು ಕಾಶ್ಮೀರದ ಕುಪ್ವಾರಾ ಜಿಲ್ಲೆಯಲ್ಲಿ ಭದ್ರತಾ ಪಡೆಯ ಸಿಬ್ಬಂದಿ ಇಬ್ಬರು ಉಗ್ರರನ್ನು ಹೊಡೆದುರುಳಿಸಿದ್ದಾರೆ. ಕುಪ್ವಾರಾ ಜಿಲ್ಲೆಯ ನಿಯಂತ್ರಣ ರೇಖೆ ಬಳಿ ಭಾರತದ ಒಳ ನುಸುಳಲು ಯತ್ನಿಸುತ್ತಿದ್ದ ಉಗ್ರರ ಗುಂಪನ್ನು ತಡೆದ ಭದ್ರತಾ ಪಡೆ ಕಾರ್ಯಾಚರಣೆ ನಡೆಸಿದೆ. ಗುಪ್ತಚರ ಮಾಹಿತಿ ಆಧರಿಸಿ ಸೇನೆ ಮತ್ತು ಪೊಲೀಸರು ಜಂಟಿಯಾಗಿ ಕಾರ್ಯಾಚರಣೆ ಕೈಗೊಂಡಿದ್ದರು. ಉಗ್ರರ ಬಳಿ ಇದ್ದ ಶಸ್ತ್ರಾಸ್ತ್ರ ಮತ್ತು ಮದ್ದುಗುಂಡುಗಳನ್ನು ವಶಪಡಿಸಿಕೊಳ್ಳಲಾಗಿದೆ. ಸ್ಥಳದಲ್ಲಿ ಹೆಚ್ಚಿನ ಶೋಧ ಕಾರ್ಯಾಚರಣೆ ಮುಂದುವರೆದಿದೆ. ಚಿನಾರ್ ಕಾರ್ಪ್ಸ್ ತನ್ನ ಅಧಿಕೃತ ಎಕ್ಸ್ ಖಾತೆಯಲ್ಲಿ ಈ ಕುರಿತು ಮಾಹಿತಿ ಹಂಚಿಕೊಂಡಿದೆ. ಭಾರತೀಯ ಸೇನೆ ಮತ್ತು ಜಮ್ಮು ಕಾಶ್ಮೀರ ಪೊಲೀಸರು ಜಂಟಿ ಕಾರ್ಯಾಚರಣೆಯಲ್ಲಿ ಈ ಯಶಸ್ಸು ಸಾಧಿಸಿದ್ದಾರೆ. ಕಳೆದ ಕೆಲವು ವಾರಗಳಿಂದ ಗಡಿಯಲ್ಲಿ ನುಸುಳುವಿಕೆ ಯತ್ನಗಳು ಹೆಚ್ಚುತ್ತಿದ್ದು, ಸೇನೆಯು ಕಟ್ಟೆಚ್ಚರ ವಹಿಸಿದೆ ಎಂದು ಮೂಲಗಳು ತಿಳಿಸಿವೆ. ಸುತ್ತಮುತ್ತಲಿನ ಪ್ರದೇಶದಲ್ಲಿ ಹೆಚ್ಚುವರಿ ಪಡೆಗಳನ್ನು ನಿಯೋಜಿಸಲಾಗಿದೆ.
ಶ್ರೀನಗರ: ಜಮ್ಮು ಮತ್ತು ಕಾಶ್ಮೀರದ ಕುಪ್ವಾರಾ ಜಿಲ್ಲೆಯಲ್ಲಿ ಭದ್ರತಾ ಪಡೆಯ ಸಿಬ್ಬಂದಿ ಇಬ್ಬರು ಉಗ್ರರನ್ನು ಹೊಡೆದುರುಳಿಸಿದ್ದಾರೆ. ಕುಪ್ವಾರಾ ಜಿಲ್ಲೆಯ ನಿಯಂತ್ರಣ ರೇಖೆ ಬಳಿ ಭಾರತದ ಒಳ ನುಸುಳಲು ಯತ್ನಿಸುತ್ತಿದ್ದ ಉಗ್ರರ ಗುಂಪನ್ನು ತಡೆದ ಭದ್ರತಾ ಪಡೆ ಕಾರ್ಯಾಚರಣೆ ನಡೆಸಿದೆ. ಗುಪ್ತಚರ ಮಾಹಿತಿ ಆಧರಿಸಿ ಸೇನೆ ಮತ್ತು ಪೊಲೀಸರು ಜಂಟಿಯಾಗಿ ಕಾರ್ಯಾಚರಣೆ ಕೈಗೊಂಡಿದ್ದರು. ಉಗ್ರರ ಬಳಿ ಇದ್ದ ಶಸ್ತ್ರಾಸ್ತ್ರ ಮತ್ತು ಮದ್ದುಗುಂಡುಗಳನ್ನು ವಶಪಡಿಸಿಕೊಳ್ಳಲಾಗಿದೆ. ಸ್ಥಳದಲ್ಲಿ ಹೆಚ್ಚಿನ ಶೋಧ ಕಾರ್ಯಾಚರಣೆ ಮುಂದುವರೆದಿದೆ. ಚಿನಾರ್ ಕಾರ್ಪ್ಸ್ ತನ್ನ ಅಧಿಕೃತ ಎಕ್ಸ್ ಖಾತೆಯಲ್ಲಿ ಈ ಕುರಿತು ಮಾಹಿತಿ ಹಂಚಿಕೊಂಡಿದೆ. ಭಾರತೀಯ ಸೇನೆ ಮತ್ತು ಜಮ್ಮು ಕಾಶ್ಮೀರ ಪೊಲೀಸರು ಜಂಟಿ ಕಾರ್ಯಾಚರಣೆಯಲ್ಲಿ ಈ ಯಶಸ್ಸು ಸಾಧಿಸಿದ್ದಾರೆ. ಕಳೆದ ಕೆಲವು ವಾರಗಳಿಂದ ಗಡಿಯಲ್ಲಿ ನುಸುಳುವಿಕೆ ಯತ್ನಗಳು ಹೆಚ್ಚುತ್ತಿದ್ದು, ಸೇನೆಯು ಕಟ್ಟೆಚ್ಚರ ವಹಿಸಿದೆ ಎಂದು ಮೂಲಗಳು ತಿಳಿಸಿವೆ. ಸುತ್ತಮುತ್ತಲಿನ ಪ್ರದೇಶದಲ್ಲಿ ಹೆಚ್ಚುವರಿ ಪಡೆಗಳನ್ನು ನಿಯೋಜಿಸಲಾಗಿದೆ.
ಟ್ರಂಪ್ ಅಭಿಮಾನಿಯಾದ ಪಾಕ್ ಪ್ರಧಾನಿ
ನ್ಯೂಯಾರ್ಕ್: ಅಮೆರಿಕ ಅಧ್ಯಕ್ಷ ಡೊನಾಲ್ಡ್ ಟ್ರಂಪ್ ಅವರೊಂದಿಗೆ ದ್ವಿಪಕ್ಷೀಯ ಮಾತುಕತೆ ನಡೆಸಿದ ಗಂಟೆಗಳ ನಂತರ, ಪಾಕಿಸ್ತಾನ ಪ್ರಧಾನಿ ಶೆಹಬಾಜ್ ಷರೀಫ್ ವಿಶ್ವಸಂಸ್ಥೆಯಲ್ಲಿ ಡೊನಾಲ್ಡ್ ಟ್ರಂಪ್ ಅವರನ್ನು ಹಾಡಿ ಹೊಗಳಿದ್ದಾರೆ. ಟ್ರಂಪ್ ಅವರನ್ನು 'ಶಾಂತಿ ಪ್ರಿಯ ನಾಯಕ' ಎಂದು ಕರೆದಿದ್ದಾರೆ. ಭಾರತದೊಂದಿಗಿನ ಸಂಘರ್ಷದ ಸಂದರ್ಭದಲ್ಲಿ ಕದನ ವಿರಾಮಕ್ಕೆ ಟ್ರಂಪ್ ಅವರೇ ಕಾರಣ ಎಂದು ಹೇಳಿದ ಅವರು, ದಕ್ಷಿಣ ಏಷ್ಯಾದಲ್ಲಿ ದೊಡ್ಡ ಯುದ್ಧವನ್ನು ತಪ್ಪಿಸಿದ್ದಕ್ಕಾಗಿ ಟ್ರಂಪ್ ಅವರಿಗೆ ಧನ್ಯವಾದ ಅರ್ಪಿಸಿದರು. ನೊಬೆಲ್ ಶಾಂತಿ ಪ್ರಶಸ್ತಿಗೆ ಟ್ರಂಪ್ ಅವರನ್ನು ನಾಮನಿರ್ದೇಶನ ಮಾಡಿರುವುದಾಗಿ ಪುನರುಚ್ಚರಿಸಿದರು. ನ್ಯೂಯಾರ್ಕ್‌ನಲ್ಲಿ ನಡೆಯುತ್ತಿರುವ 80ನೇ ವಿಶ್ವಸಂಸ್ಥೆಯ ಸಾಮಾನ್ಯ ಸಭೆಯನ್ನು ಉದ್ದೇಶಿಸಿ ಮಾತನಾಡಿದ ಅವರು ಭಾರತದ ವಿರುದ್ಧ ವಾಗ್ದಾಳಿ ನಡೆಸಿದರು. ಕಾಶ್ಮೀರ ವಿಷಯವನ್ನು ಪ್ರಸ್ತಾಪಿಸಿದ ಷರೀಫ್, ಸಿಂಧೂ ಜಲ ಒಪ್ಪಂದದ ಬಗ್ಗೆಯೂ ಮಾತನಾಡಿದರು. ಮಿಲಿಟರಿ ಸಂಘರ್ಷದ ಸಂದರ್ಭದಲ್ಲಿ ಪಾಕಿಸ್ತಾನವು ಗೆದ್ದಿದೆ ಎಂದು ಹೇಳಿಕೊಂಡರು. ಪಾಕಿಸ್ತಾನದ ಈ ಹೇಳಿಕೆಗೆ ಭಾರತವು ವಿಶ್ವಸಂಸ್ಥೆಯಲ್ಲಿ ತಕ್ಕ ತಿರುಗೇಟು ನೀಡಿದ್ದು, ಭಯೋತ್ಪಾದನೆಯನ್ನು ಪೋಷಿಸುವ ದೇಶವು ಶಾಂತಿಯ ಬಗ್ಗೆ ಮಾತನಾಡುವುದು ಹಾಸ್ಯಾಸ್ಪದ ಎಂದು ಹೇಳಿದೆ. ಭಾರತದ ಪ್ರತಿನಿಧಿ ಪಾಕಿಸ್ತಾನದ ಸುಳ್ಳು ಆರೋಪಗಳನ್ನು ತಳ್ಳಿಹಾಕಿದ್ದಾರೆ.
ನ್ಯೂಯಾರ್ಕ್: ಅಮೆರಿಕ ಅಧ್ಯಕ್ಷ ಡೊನಾಲ್ಡ್ ಟ್ರಂಪ್ ಅವರೊಂದಿಗೆ ದ್ವಿಪಕ್ಷೀಯ ಮಾತುಕತೆ ನಡೆಸಿದ ಗಂಟೆಗಳ ನಂತರ, ಪಾಕಿಸ್ತಾನ ಪ್ರಧಾನಿ ಶೆಹಬಾಜ್ ಷರೀಫ್ ವಿಶ್ವಸಂಸ್ಥೆಯಲ್ಲಿ ಡೊನಾಲ್ಡ್ ಟ್ರಂಪ್ ಅವರನ್ನು ಹಾಡಿ ಹೊಗಳಿದ್ದಾರೆ. ಟ್ರಂಪ್ ಅವರನ್ನು 'ಶಾಂತಿ ಪ್ರಿಯ ನಾಯಕ' ಎಂದು ಕರೆದಿದ್ದಾರೆ. ಭಾರತದೊಂದಿಗಿನ ಸಂಘರ್ಷದ ಸಂದರ್ಭದಲ್ಲಿ ಕದನ ವಿರಾಮಕ್ಕೆ ಟ್ರಂಪ್ ಅವರೇ ಕಾರಣ ಎಂದು ಹೇಳಿದ ಅವರು, ದಕ್ಷಿಣ ಏಷ್ಯಾದಲ್ಲಿ ದೊಡ್ಡ ಯುದ್ಧವನ್ನು ತಪ್ಪಿಸಿದ್ದಕ್ಕಾಗಿ ಟ್ರಂಪ್ ಅವರಿಗೆ ಧನ್ಯವಾದ ಅರ್ಪಿಸಿದರು. ನೊಬೆಲ್ ಶಾಂತಿ ಪ್ರಶಸ್ತಿಗೆ ಟ್ರಂಪ್ ಅವರನ್ನು ನಾಮನಿರ್ದೇಶನ ಮಾಡಿರುವುದಾಗಿ ಪುನರುಚ್ಚರಿಸಿದರು. ನ್ಯೂಯಾರ್ಕ್‌ನಲ್ಲಿ ನಡೆಯುತ್ತಿರುವ 80ನೇ ವಿಶ್ವಸಂಸ್ಥೆಯ ಸಾಮಾನ್ಯ ಸಭೆಯನ್ನು ಉದ್ದೇಶಿಸಿ ಮಾತನಾಡಿದ ಅವರು ಭಾರತದ ವಿರುದ್ಧ ವಾಗ್ದಾಳಿ ನಡೆಸಿದರು. ಕಾಶ್ಮೀರ ವಿಷಯವನ್ನು ಪ್ರಸ್ತಾಪಿಸಿದ ಷರೀಫ್, ಸಿಂಧೂ ಜಲ ಒಪ್ಪಂದದ ಬಗ್ಗೆಯೂ ಮಾತನಾಡಿದರು. ಮಿಲಿಟರಿ ಸಂಘರ್ಷದ ಸಂದರ್ಭದಲ್ಲಿ ಪಾಕಿಸ್ತಾನವು ಗೆದ್ದಿದೆ ಎಂದು ಹೇಳಿಕೊಂಡರು. ಪಾಕಿಸ್ತಾನದ ಈ ಹೇಳಿಕೆಗೆ ಭಾರತವು ವಿಶ್ವಸಂಸ್ಥೆಯಲ್ಲಿ ತಕ್ಕ ತಿರುಗೇಟು ನೀಡಿದ್ದು, ಭಯೋತ್ಪಾದನೆಯನ್ನು ಪೋಷಿಸುವ ದೇಶವು ಶಾಂತಿಯ ಬಗ್ಗೆ ಮಾತನಾಡುವುದು ಹಾಸ್ಯಾಸ್ಪದ ಎಂದು ಹೇಳಿದೆ. ಭಾರತದ ಪ್ರತಿನಿಧಿ ಪಾಕಿಸ್ತಾನದ ಸುಳ್ಳು ಆರೋಪಗಳನ್ನು ತಳ್ಳಿಹಾಕಿದ್ದಾರೆ.
ಗೆದ್ದ ಕಪ್ ಕಳೆದುಕೊಂಡ ಥಾಯ್ ಪೆಜೆಂಟ್ ವಿನ್ನರ್
ಹೈದರಾಬಾದ್: ಲೈಂಗಿಕ ಆಟಿಕೆ ಬಳಸುತ್ತಿದ್ದ, ಇ-ಸಿಗರೇಟ್ ಸೇದುತ್ತಿದ್ದ, ಒಳ ಉಡುಪುಗಳಲ್ಲಿ ಪ್ರದರ್ಶನ ನೀಡುವ ಹಳೆಯ ವಿಡಿಯೋಗಳು ಸಾಮಾಜಿಕ ಮಾಧ್ಯಮಗಳಲ್ಲಿ ವೈರಲ್ ಆದ ಬಳಿಕ ಥಾಯ್ ಸೌಂದರ್ಯ ಸ್ಪರ್ಧೆ ವಿಜೇತರೊಬ್ಬರು ತಮ್ಮ ಕಿರೀಟ ಕಳೆದುಕೊಂಡಿದ್ದಾರೆ. ಮಿಸ್ ಗ್ರ್ಯಾಂಡ್ ಪ್ರಾಚುವಾಪ್ ಕಿರಿ ಖಾನ್ 2026ರ ಕಿರೀಟವನ್ನು ಪಡೆದ ಸುಫನ್ನಿ ನೊಯಿನೊಂಥಾಂಗ್ ಅವರು ಸ್ಪರ್ಧೆ ಗೆದ್ದ ಒಂದು ದಿನದ ನಂತರ ಕಿರೀಟವನ್ನು ಹಿಂದಿರುಗಿಸಿದ್ದಾರೆ. ಸುಫನ್ನಿ ಅವರು ಲೈಂಗಿಕ ಆಟಿಕೆ ಬಳಸುವುದು, ಇ-ಸಿಗರೇಟ್ ಸೇದುವುದು ಮತ್ತು ಒಳ ಉಡುಪುಗಳಲ್ಲಿ ಪ್ರದರ್ಶನ ನೀಡುವುದನ್ನು ತೋರಿಸುವ ಹಳೆಯ ವಿಡಿಯೋಗಳು ಸಾಮಾಜಿಕ ಮಾಧ್ಯಮದಲ್ಲಿ ವೈರಲ್ ಆಗಿದ್ದವು. ಇದರ ಬಳಿಕ ಅವರು ಸ್ಪರ್ಧೆಯಿಂದ ಹಿಂದೆ ಸರಿಯುವ ನಿರ್ಧಾರ ಕೈಗೊಂಡರು. ಈ ಬಗ್ಗೆ ಸಾಮಾಜಿಕ ಮಾಧ್ಯಮದಲ್ಲಿ ಸ್ಪಷ್ಟನೆ ನೀಡಿರುವ ಸುಫನ್ನಿ, ವೀಡಿಯೊಗಳು ಹಳೆಯದಾಗಿದ್ದು ಅವು ನನ್ನ ವೈಯಕ್ತಿಕ ಜೀವನದ ಭಾಗವಾಗಿದ್ದವು ಎಂದು ಹೇಳಿದ್ದಾರೆ. ಇದನ್ನೆ ಪ್ರತಿಕ್ರಿಯಿಸಿರುವ ಸ್ಪರ್ಧೆಯ ಸಮಿತಿಯು, 2026ರ ಮಿಸ್ ಗ್ರ್ಯಾಂಡ್ ಪ್ರಾಚುವಾಪ್ ಕಿರಿ
ಹೈದರಾಬಾದ್: ಲೈಂಗಿಕ ಆಟಿಕೆ ಬಳಸುತ್ತಿದ್ದ, ಇ-ಸಿಗರೇಟ್ ಸೇದುತ್ತಿದ್ದ, ಒಳ ಉಡುಪುಗಳಲ್ಲಿ ಪ್ರದರ್ಶನ ನೀಡುವ ಹಳೆಯ ವಿಡಿಯೋಗಳು ಸಾಮಾಜಿಕ ಮಾಧ್ಯಮಗಳಲ್ಲಿ ವೈರಲ್ ಆದ ಬಳಿಕ ಥಾಯ್ ಸೌಂದರ್ಯ ಸ್ಪರ್ಧೆ ವಿಜೇತರೊಬ್ಬರು ತಮ್ಮ ಕಿರೀಟ ಕಳೆದುಕೊಂಡಿದ್ದಾರೆ. ಮಿಸ್ ಗ್ರ್ಯಾಂಡ್ ಪ್ರಾಚುವಾಪ್ ಕಿರಿ ಖಾನ್ 2026ರ ಕಿರೀಟವನ್ನು ಪಡೆದ ಸುಫನ್ನಿ ನೊಯಿನೊಂಥಾಂಗ್ ಅವರು ಸ್ಪರ್ಧೆ ಗೆದ್ದ ಒಂದು ದಿನದ ನಂತರ ಕಿರೀಟವನ್ನು ಹಿಂದಿರುಗಿಸಿದ್ದಾರೆ. ಸುಫನ್ನಿ ಅವರು ಲೈಂಗಿಕ ಆಟಿಕೆ ಬಳಸುವುದು, ಇ-ಸಿಗರೇಟ್ ಸೇದುವುದು ಮತ್ತು ಒಳ ಉಡುಪುಗಳಲ್ಲಿ ಪ್ರದರ್ಶನ ನೀಡುವುದನ್ನು ತೋರಿಸುವ ಹಳೆಯ ವಿಡಿಯೋಗಳು ಸಾಮಾಜಿಕ ಮಾಧ್ಯಮದಲ್ಲಿ ವೈರಲ್ ಆಗಿದ್ದವು. ಇದರ ಬಳಿಕ ಅವರು ಸ್ಪರ್ಧೆಯಿಂದ ಹಿಂದೆ ಸರಿಯುವ ನಿರ್ಧಾರ ಕೈಗೊಂಡರು. ಈ ಬಗ್ಗೆ ಸಾಮಾಜಿಕ ಮಾಧ್ಯಮದಲ್ಲಿ ಸ್ಪಷ್ಟನೆ ನೀಡಿರುವ ಸುಫನ್ನಿ, ವೀಡಿಯೊಗಳು ಹಳೆಯದಾಗಿದ್ದು ಅವು ನನ್ನ ವೈಯಕ್ತಿಕ ಜೀವನದ ಭಾಗವಾಗಿದ್ದವು ಎಂದು ಹೇಳಿದ್ದಾರೆ. ಇದನ್ನೆ ಪ್ರತಿಕ್ರಿಯಿಸಿರುವ ಸ್ಪರ್ಧೆಯ ಸಮಿತಿಯು, 2026ರ ಮಿಸ್ ಗ್ರ್ಯಾಂಡ್ ಪ್ರಾಚುವಾಪ್ ಕಿರಿ ಖಾನ್ ಸ್ಪರ್ಧೆಯ ಮೌಲ್ಯಗಳಿಗೆ ವಿರುದ್ಧವಾದ ವರ್ತನೆಯಿಂದಾಗಿ ಈ ನಿರ್ಧಾರ ಕೈಗೊಳ್ಳಲಾಗಿದೆ ಎಂದು ತಿಳಿಸಿದೆ. ಮುಂದಿನ ಸ್ಥಾನದಲ್ಲಿದ್ದ ಸ್ಪರ್ಧಿಗೆ ಕಿರೀಟವನ್ನು ನೀಡಲಾಗುವುದು ಎಂದು ಹೇಳಿದೆ.
ಹೈದರಾಬಾದ್: ಲೈಂಗಿಕ ಆಟಿಕೆ ಬಳಸುತ್ತಿದ್ದ, ಇ-ಸಿಗರೇಟ್ ಸೇದುತ್ತಿದ್ದ, ಒಳ ಉಡುಪುಗಳಲ್ಲಿ ಪ್ರದರ್ಶನ ನೀಡುವ ಹಳೆಯ ವಿಡಿಯೋಗಳು ಸಾಮಾಜಿಕ ಮಾಧ್ಯಮಗಳಲ್ಲಿ ವೈರಲ್ ಆದ ಬಳಿಕ ಥಾಯ್ ಸೌಂದರ್ಯ ಸ್ಪರ್ಧೆ ವಿಜೇತರೊಬ್ಬರು ತಮ್ಮ ಕಿರೀಟ ಕಳೆದುಕೊಂಡಿದ್ದಾರೆ. ಮಿಸ್ ಗ್ರ್ಯಾಂಡ್ ಪ್ರಾಚುವಾಪ್ ಕಿರಿ ಖಾನ್ 2026ರ ಕಿರೀಟವನ್ನು ಪಡೆದ ಸುಫನ್ನಿ ನೊಯಿನೊಂಥಾಂಗ್ ಅವರು ಸ್ಪರ್ಧೆ ಗೆದ್ದ ಒಂದು ದಿನದ ನಂತರ ಕಿರೀಟವನ್ನು ಹಿಂದಿರುಗಿಸಿದ್ದಾರೆ. ಸುಫನ್ನಿ ಅವರು ಲೈಂಗಿಕ ಆಟಿಕೆ ಬಳಸುವುದು, ಇ-ಸಿಗರೇಟ್ ಸೇದುವುದು ಮತ್ತು ಒಳ
ಹೈದರಾಬಾದ್: ಲೈಂಗಿಕ ಆಟಿಕೆ ಬಳಸುತ್ತಿದ್ದ, ಇ-ಸಿಗರೇಟ್ ಸೇದುತ್ತಿದ್ದ, ಒಳ ಉಡುಪುಗಳಲ್ಲಿ ಪ್ರದರ್ಶನ ನೀಡುವ ಹಳೆಯ ವಿಡಿಯೋಗಳು ಸಾಮಾಜಿಕ ಮಾಧ್ಯಮಗಳಲ್ಲಿ ವೈರಲ್ ಆದ ಬಳಿಕ ಥಾಯ್ ಸೌಂದರ್ಯ ಸ್ಪರ್ಧೆ ವಿಜೇತರೊಬ್ಬರು ತಮ್ಮ ಕಿರೀಟ ಕಳೆದುಕೊಂಡಿದ್ದಾರೆ. ಮಿಸ್ ಗ್ರ್ಯಾಂಡ್ ಪ್ರಾಚುವಾಪ್ ಕಿರಿ ಖಾನ್ 2026ರ ಕಿರೀಟವನ್ನು ಪಡೆದ ಸುಫನ್ನಿ ನೊಯಿನೊಂಥಾಂಗ್ ಅವರು ಸ್ಪರ್ಧೆ ಗೆದ್ದ ಒಂದು ದಿನದ ನಂತರ ಕಿರೀಟವನ್ನು ಹಿಂದಿರುಗಿಸಿದ್ದಾರೆ. ಸುಫನ್ನಿ ಅವರು ಲೈಂಗಿಕ ಆಟಿಕೆ ಬಳಸುವುದು, ಇ-ಸಿಗರೇಟ್ ಸೇದುವುದು ಮತ್ತು ಒಳ ಉಡುಪುಗಳಲ್ಲಿ ಪ್ರದರ್ಶನ ನೀಡುವುದನ್ನು ತೋರಿಸುವ ಹಳೆಯ ವಿಡಿಯೋಗಳು ಸಾಮಾಜಿಕ ಮಾಧ್ಯಮದಲ್ಲಿ ವೈರಲ್ ಆಗಿದ್ದವು. ಇದರ ಬಳಿಕ ಅವರು ಸ್ಪರ್ಧೆಯಿಂದ ಹಿಂದೆ ಸರಿಯುವ ನಿರ್ಧಾರ ಕೈಗೊಂಡರು. ಈ ಬಗ್ಗೆ ಸಾಮಾಜಿಕ ಮಾಧ್ಯಮದಲ್ಲಿ ಸ್ಪಷ್ಟನೆ ನೀಡಿರುವ ಸುಫನ್ನಿ, ವೀಡಿಯೊಗಳು ಹಳೆಯದಾಗಿದ್ದು ಅವು ನನ್ನ ವೈಯಕ್ತಿಕ ಜೀವನದ ಭಾಗವಾಗಿದ್ದವು ಎಂದು ಹೇಳಿದ್ದಾರೆ. ಇದನ್ನೆ ಪ್ರತಿಕ್ರಿಯಿಸಿರುವ ಸ್ಪರ್ಧೆಯ ಸಮಿತಿಯು, 2026ರ ಮಿಸ್ ಗ್ರ್ಯಾಂಡ್ ಪ್ರಾಚುವಾಪ್ ಕಿರಿ ಖಾನ್ ಸ್ಪರ್ಧೆಯ ಮೌಲ್ಯಗಳಿಗೆ ವಿರುದ್ಧವಾದ ವರ್ತನೆಯಿಂದಾಗಿ ಈ ನಿರ್ಧಾರ ಕೈಗೊಳ್ಳಲಾಗಿದೆ ಎಂದು ತಿಳಿಸಿದೆ. ಮುಂದಿನ ಸ್ಥಾನದಲ್ಲಿದ್ದ ಸ್ಪರ್ಧಿಗೆ ಕಿರೀಟವನ್ನು ನೀಡಲಾಗುವುದು ಎಂದು ಹೇಳಿದೆ.
ಬೆಂಕಿ ಅವಘಡ; ಬಾಲಿವುಡ್ ಬಾಲ ಕಲಾವಿದ ವೀರ್ ಶರ್ಮಾ ಸಾವು
ಜೈಪುರ/ರಾಜಸ್ಥಾನ: ಕೋಟಾದಲ್ಲಿ ಭಾನುವಾರ (ಸೆಪ್ಟೆಂಬರ್ 28) ಮುಂಜಾನೆ ಸುಮಾರು 2 ಗಂಟೆಗೆ ಬಹುಮಹಡಿ ಕಟ್ಟಡವೊಂದರಲ್ಲಿ ಬೆಂಕಿ ಕಾಣಿಸಿಕೊಂಡಿದ್ದು, ಬಾಲಿವುಡ್, ಕಿರುತೆರೆಯ ಬಾಲ ನಟನೊಬ್ಬ ಸೇರಿ ಇಬ್ಬರು ಸಾವನ್ನಪ್ಪಿದ್ದಾರೆ. 10 ವರ್ಷದ ಬಾಲ ನಟ ವೀರ್ ಶರ್ಮಾ ಮತ್ತು ಆತನ 15 ವರ್ಷದ ಸಹೋದರ ಶೌರ್ಯ ಶರ್ಮಾ ಮೃತಪಟ್ಟವರು. ಘಟನೆ ನಡೆದ ಸಂದರ್ಭದಲ್ಲಿ ತಂದೆ, ತಾಯಿ ಮನೆಯಲ್ಲಿ ಇರಲಿಲ್ಲ. ಮಕ್ಕಳು ಮಾತ್ರ ಮನೆಯಲ್ಲಿದ್ದರು ಎಂದು ತಿಳಿದುಬಂದಿದೆ. ಶಾರ್ಟ್ ಸರ್ಕ್ಯೂಟ್‌ನಿಂದ ಬೆಂಕಿ ಕಾಣಿಸಿಕೊಂಡಿದೆ ಎಂದು ಶಂಕಿಸಲಾಗಿದೆ. ದಟ್ಟ ಹೊಗೆಯಿಂದ ಉಸಿರುಗಟ್ಟಿ ಇಬ್ಬರೂ ಸಾವನ್ನಪ್ಪಿದ್ದಾರೆ. ನೆರೆಹೊರೆಯವರು ಬೆಂಕಿ ನಂದಿಸಲು ಪ್ರಯತ್ನಿಸಿದರೂ ಸಾಧ್ಯವಾಗಲಿಲ್ಲ. ವೀರ್ ಶರ್ಮಾ ಅವರು 'ವೀರ್ ಹನುಮಾನ್' ಸೇರಿದಂತೆ ಹಲವು ಧಾರಾವಾಹಿಗಳಲ್ಲಿ ನಟಿಸಿದ್ದರು. ವೀರ್ ಶರ್ಮಾ ಅವರು 'ಶ್ರೀಮದ್ ರಾಮಾಯಣ' ಧಾರಾವಾಹಿಯಲ್ಲಿ ಬಾಲ ನಟನಾಗಿ ಕಾಣಿಸಿಕೊಂಡಿದ್ದರು. ಇವರ ಸಾವಿಗೆ ಚಿತ್ರರಂಗದ ಹಲವರು ಸಂತಾಪ ಸೂಚಿಸಿದ್ದಾರೆ. ಕೋಟಾದ ಅಧಿಕಾರಿಗಳು ಘಟನೆಯ ಬಗ್ಗೆ ಹೆಚ್ಚಿನ ತನಿಖೆ ನಡೆಸುತ್ತಿದ್ದಾರೆ. ಮಕ್ಕಳ ಮೃತದೇಹಗಳ ಕಣ್ಣುಗಳನ್ನು ದಾನ ಮಾಡಲು ಕುಟುಂಬ ನಿರ್ಧರಿಸಿದೆ. ವೀರ್ ಶರ್ಮಾ ಶ್ರೀಮದ್ ರಾಮಾಯಣ (2024), ವೀರ್ ಹನುಮಾನ್ (2025) ಮೊದಲಾದ ಧಾರಾವಾಹಿಗಳಲ್ಲಿ ನಟಿಸಿದ್ದರು. ಅವರ ಅಂತ್ಯಕ್ರಿಯೆ ಕೋಟಾದಲ್ಲಿ ನೆರವೇರಿತು. ಈ ದುರ್ಘಟನೆಯು ಇಡೀ ಕೋಟಾ ನಗರವನ್ನೇ ದುಃಖದಲ್ಲಿ ಮುಳುಗಿಸಿದೆ.
ಜೈಪುರ/ರಾಜಸ್ಥಾನ: ಕೋಟಾದಲ್ಲಿ ಭಾನುವಾರ (ಸೆಪ್ಟೆಂಬರ್ 28) ಮುಂಜಾನೆ ಸುಮಾರು 2 ಗಂಟೆಗೆ ಬಹುಮಹಡಿ ಕಟ್ಟಡವೊಂದರಲ್ಲಿ ಬೆಂಕಿ ಕಾಣಿಸಿಕೊಂಡಿದ್ದು, ಬಾಲಿವುಡ್, ಕಿರುತೆರೆಯ ಬಾಲ ನಟನೊಬ್ಬ ಸೇರಿ ಇಬ್ಬರು ಸಾವನ್ನಪ್ಪಿದ್ದಾರೆ. 10 ವರ್ಷದ ಬಾಲ ನಟ ವೀರ್ ಶರ್ಮಾ ಮತ್ತು ಆತನ 15 ವರ್ಷದ ಸಹೋದರ ಶೌರ್ಯ ಶರ್ಮಾ ಮೃತಪಟ್ಟವರು. ಘಟನೆ ನಡೆದ ಸಂದರ್ಭದಲ್ಲಿ ತಂದೆ, ತಾಯಿ ಮನೆಯಲ್ಲಿ ಇರಲಿಲ್ಲ. ಮಕ್ಕಳು ಮಾತ್ರ ಮನೆಯಲ್ಲಿದ್ದರು ಎಂದು ತಿಳಿದುಬಂದಿದೆ. ಶಾರ್ಟ್ ಸರ್ಕ್ಯೂಟ್‌ನಿಂದ ಬೆಂಕಿ ಕಾಣಿಸಿಕೊಂಡಿದೆ ಎಂದು ಶಂಕಿಸಲಾಗಿದೆ. ದಟ್ಟ ಹೊಗೆಯಿಂದ ಉಸಿರುಗಟ್ಟಿ ಇಬ್ಬರೂ ಸಾವನ್ನಪ್ಪಿದ್ದಾರೆ. ನೆರೆಹೊರೆಯವರು ಬೆಂಕಿ ನಂದಿಸಲು ಪ್ರಯತ್ನಿಸಿದರೂ ಸಾಧ್ಯವಾಗಲಿಲ್ಲ. ವೀರ್ ಶರ್ಮಾ ಅವರು 'ವೀರ್ ಹನುಮಾನ್' ಸೇರಿದಂತೆ ಹಲವು ಧಾರಾವಾಹಿಗಳಲ್ಲಿ ನಟಿಸಿದ್ದರು. ವೀರ್ ಶರ್ಮಾ ಅವರು 'ಶ್ರೀಮದ್ ರಾಮಾಯಣ' ಧಾರಾವಾಹಿಯಲ್ಲಿ ಬಾಲ ನಟನಾಗಿ ಕಾಣಿಸಿಕೊಂಡಿದ್ದರು. ಇವರ ಸಾವಿಗೆ ಚಿತ್ರರಂಗದ ಹಲವರು ಸಂತಾಪ ಸೂಚಿಸಿದ್ದಾರೆ. ಕೋಟಾದ ಅಧಿಕಾರಿಗಳು ಘಟನೆಯ ಬಗ್ಗೆ ಹೆಚ್ಚಿನ ತನಿಖೆ ನಡೆಸುತ್ತಿದ್ದಾರೆ. ಮಕ್ಕಳ ಮೃತದೇಹಗಳ ಕಣ್ಣುಗಳನ್ನು ದಾನ ಮಾಡಲು ಕುಟುಂಬ ನಿರ್ಧರಿಸಿದೆ. ವೀರ್ ಶರ್ಮಾ ಶ್ರೀಮದ್ ರಾಮಾಯಣ (2024), ವೀರ್ ಹನುಮಾನ್ (2025) ಮೊದಲಾದ ಧಾರಾವಾಹಿಗಳಲ್ಲಿ ನಟಿಸಿದ್ದರು. ಅವರ ಅಂತ್ಯಕ್ರಿಯೆ ಕೋಟಾದಲ್ಲಿ ನೆರವೇರಿತು. ಈ ದುರ್ಘಟನೆಯು ಇಡೀ ಕೋಟಾ ನಗರವನ್ನೇ ದುಃಖದಲ್ಲಿ ಮುಳುಗಿಸಿದೆ.
ಜೈಪುರ/ರಾಜಸ್ಥಾನ: ಕೋಟಾದಲ್ಲಿ ಭಾನುವಾರ (ಸೆಪ್ಟೆಂಬರ್ 28) ಮುಂಜಾನೆ ಸುಮಾರು 2 ಗಂಟೆಗೆ ಬಹುಮಹಡಿ ಕಟ್ಟಡವೊಂದರಲ್ಲಿ ಬೆಂಕಿ ಕಾಣಿಸಿಕೊಂಡಿದ್ದು, ಬಾಲಿವುಡ್, ಕಿರುತೆರೆಯ ಬಾಲ ನಟನೊಬ್ಬ ಸೇರಿ ಇಬ್ಬರು ಸಾವನ್ನಪ್ಪಿದ್ದಾರೆ. 10 ವರ್ಷದ ಬಾಲ ನಟ ವೀರ್ ಶರ್ಮಾ ಮತ್ತು ಆತನ 15 ವರ್ಷದ ಸಹೋದರ ಶೌರ್ಯ ಶರ್ಮಾ ಮೃತಪಟ್ಟವರು. ಘಟನೆ ನಡೆದ ಸಂದರ್ಭದಲ್ಲಿ ತಂದೆ, ತಾಯಿ ಮನೆಯಲ್ಲಿ ಇರಲಿಲ್ಲ. ಮಕ್ಕಳು ಮಾತ್ರ ಮನೆಯಲ್ಲಿದ್ದರು ಎಂದು ತಿಳಿದುಬಂದಿದೆ. ಶಾರ್ಟ್ ಸರ್ಕ್ಯೂಟ್‌ನಿಂದ ಬೆಂಕಿ ಕಾಣಿಸಿಕೊಂಡಿದೆ ಎಂದು ಶಂಕಿಸಲಾಗಿದೆ. ದಟ್ಟ ಹೊಗೆಯಿಂದ ಉಸಿರುಗಟ್ಟಿ ಇಬ್ಬರೂ ಸಾವನ್ನಪ್ಪಿದ್ದಾರೆ. ನೆರೆಹೊರೆಯವರು ಬೆಂಕಿ ನಂದಿಸಲು ಪ್ರಯತ್ನಿಸಿದರೂ ಸಾಧ್ಯವಾಗಲಿಲ್ಲ. ವೀರ್ ಶರ್ಮಾ ಅವರು 'ವೀರ್ ಹನುಮಾನ್' ಸೇರಿದಂತೆ ಹಲವು ಧಾರಾವಾಹಿಗಳಲ್ಲಿ ನಟಿಸಿದ್ದರು. ವೀರ್ ಶರ್ಮಾ ಅವರು 'ಶ್ರೀಮದ್ ರಾಮಾಯಣ' ಧಾರಾವಾಹಿಯಲ್ಲಿ ಬಾಲ ನಟನಾಗಿ ಕಾಣಿಸಿಕೊಂಡಿದ್ದರು. ಇವರ ಸಾವಿಗೆ ಚಿತ್ರರಂಗದ ಹಲವರು ಸಂತಾಪ ಸೂಚಿಸಿದ್ದಾರೆ. ಕೋಟಾದ ಅಧಿಕಾರಿಗಳು ಘಟನೆಯ ಬಗ್ಗೆ ಹೆಚ್ಚಿನ ತನಿಖೆ ನಡೆಸುತ್ತಿದ್ದಾರೆ. ಮಕ್ಕಳ ಮೃತದೇಹಗಳ ಕಣ್ಣುಗಳನ್ನು ದಾನ ಮಾಡಲು ಕುಟುಂಬ ನಿರ್ಧರಿಸಿದೆ. ವೀರ್ ಶರ್ಮಾ ಶ್ರೀಮದ್ ರಾಮಾಯಣ (2024), ವೀರ್ ಹನುಮಾನ್ (2025) ಮೊದಲಾದ ಧಾರಾವಾಹಿಗಳಲ್ಲಿ ನಟಿಸಿದ್ದರು. ಅವರ ಅಂತ್ಯಕ್ರಿಯೆ ಕೋಟಾದಲ್ಲಿ ನೆರವೇರಿತು. ಈ ದುರ್ಘಟನೆಯು ಇಡೀ ಕೋಟಾ ನಗರವನ್ನೇ ದುಃಖದಲ್ಲಿ ಮುಳುಗಿಸಿದೆ.
